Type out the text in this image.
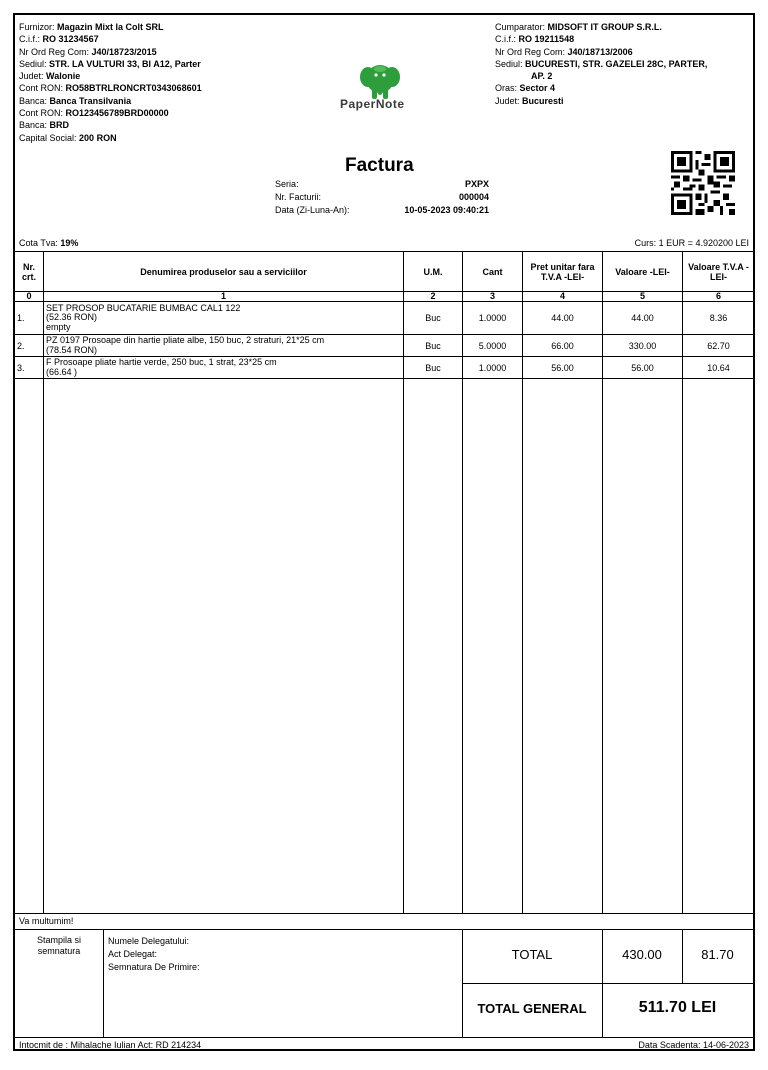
Furnizor: Magazin Mixt la Colt SRL
C.i.f.: RO 31234567
Nr Ord Reg Com: J40/18723/2015
Sediul: STR. LA VULTURI 33, Bl A12, Parter
Judet: Walonie
Cont RON: RO58BTRLRONCRT0343068601
Banca: Banca Transilvania
Cont RON: RO123456789BRD00000
Banca: BRD
Capital Social: 200 RON
PaperNote
Cumparator: MIDSOFT IT GROUP S.R.L.
C.i.f.: RO 19211548
Nr Ord Reg Com: J40/18713/2006
Sediul: BUCURESTI, STR. GAZELEI 28C, PARTER,
AP. 2
Oras: Sector 4
Judet: Bucuresti
Factura
Seria:	PXPX
Nr. Facturii:	000004
Data (Zi-Luna-An):	10-05-2023 09:40:21
Cota Tva: 19%	Curs: 1 EUR = 4.920200 LEI
Nr. crt.	Denumirea produselor sau a serviciilor	U.M.	Cant	Pret unitar fara T.V.A -LEI-	Valoare -LEI-	Valoare T.V.A -LEI-
0	1	2	3	4	5	6
1.	SET PROSOP BUCATARIE BUMBAC CAL1 122
(52.36 RON)
empty	Buc	1.0000	44.00	44.00	8.36
2.	PZ 0197 Prosoape din hartie pliate albe, 150 buc, 2 straturi, 21*25 cm
(78.54 RON)	Buc	5.0000	66.00	330.00	62.70
3.	F Prosoape pliate hartie verde, 250 buc, 1 strat, 23*25 cm
(66.64 )	Buc	1.0000	56.00	56.00	10.64
Va multumim!
Stampila si
semnatura
Numele Delegatului:
Act Delegat:
Semnatura De Primire:
TOTAL	430.00	81.70
TOTAL GENERAL	511.70 LEI
Intocmit de : Mihalache Iulian Act: RD 214234	Data Scadenta: 14-06-2023
